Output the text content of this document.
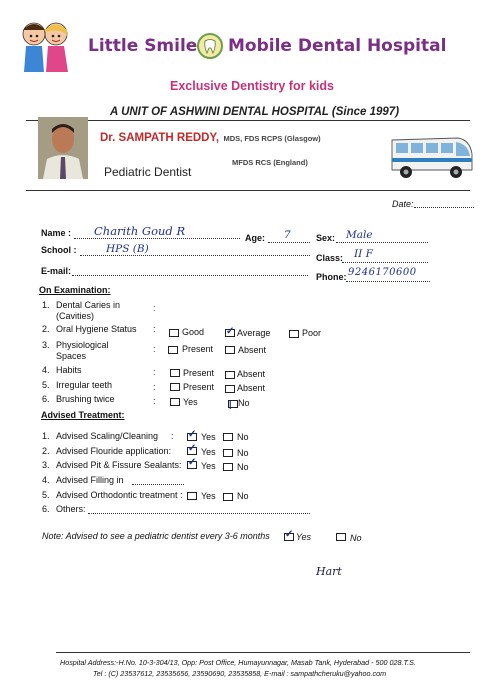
Little Smile Mobile Dental Hospital
Exclusive Dentistry for kids
A UNIT OF ASHWINI DENTAL HOSPITAL (Since 1997)
Dr. SAMPATH REDDY, MDS, FDS RCPS (Glasgow)
MFDS RCS (England)
Pediatric Dentist
Date:
Name : Charith Goud R	Age: 7	Sex: Male
School :	HPS (B)
Class: II F
E-mail:
Phone: 9246170600
On Examination:
1. Dental Caries in
(Cavities)
:
2. Oral Hygiene Status :	Good ✓ Average	Poor
3. Physiological
Spaces
:	Present	Absent
4. Habits	:	Present	Absent
5. Irregular teeth	:	Present	Absent
6. Brushing twice	:	Yes	| No
Advised Treatment:
1. Advised Scaling/Cleaning : ✓ Yes No
2. Advised Flouride application: ✓ Yes No
3. Advised Pit & Fissure Sealants: ✓ Yes No
4. Advised Filling in
5. Advised Orthodontic treatment : Yes No
6. Others:
Note: Advised to see a pediatric dentist every 3-6 months ✓ Yes	No
Hart
Hospital Address:-H.No. 10-3-304/13, Opp: Post Office, Humayunnagar, Masab Tank, Hyderabad - 500 028.T.S.
Tel : (C) 23537612, 23535656, 23590690, 23535858, E-mail : sampathcheruku@yahoo.com
